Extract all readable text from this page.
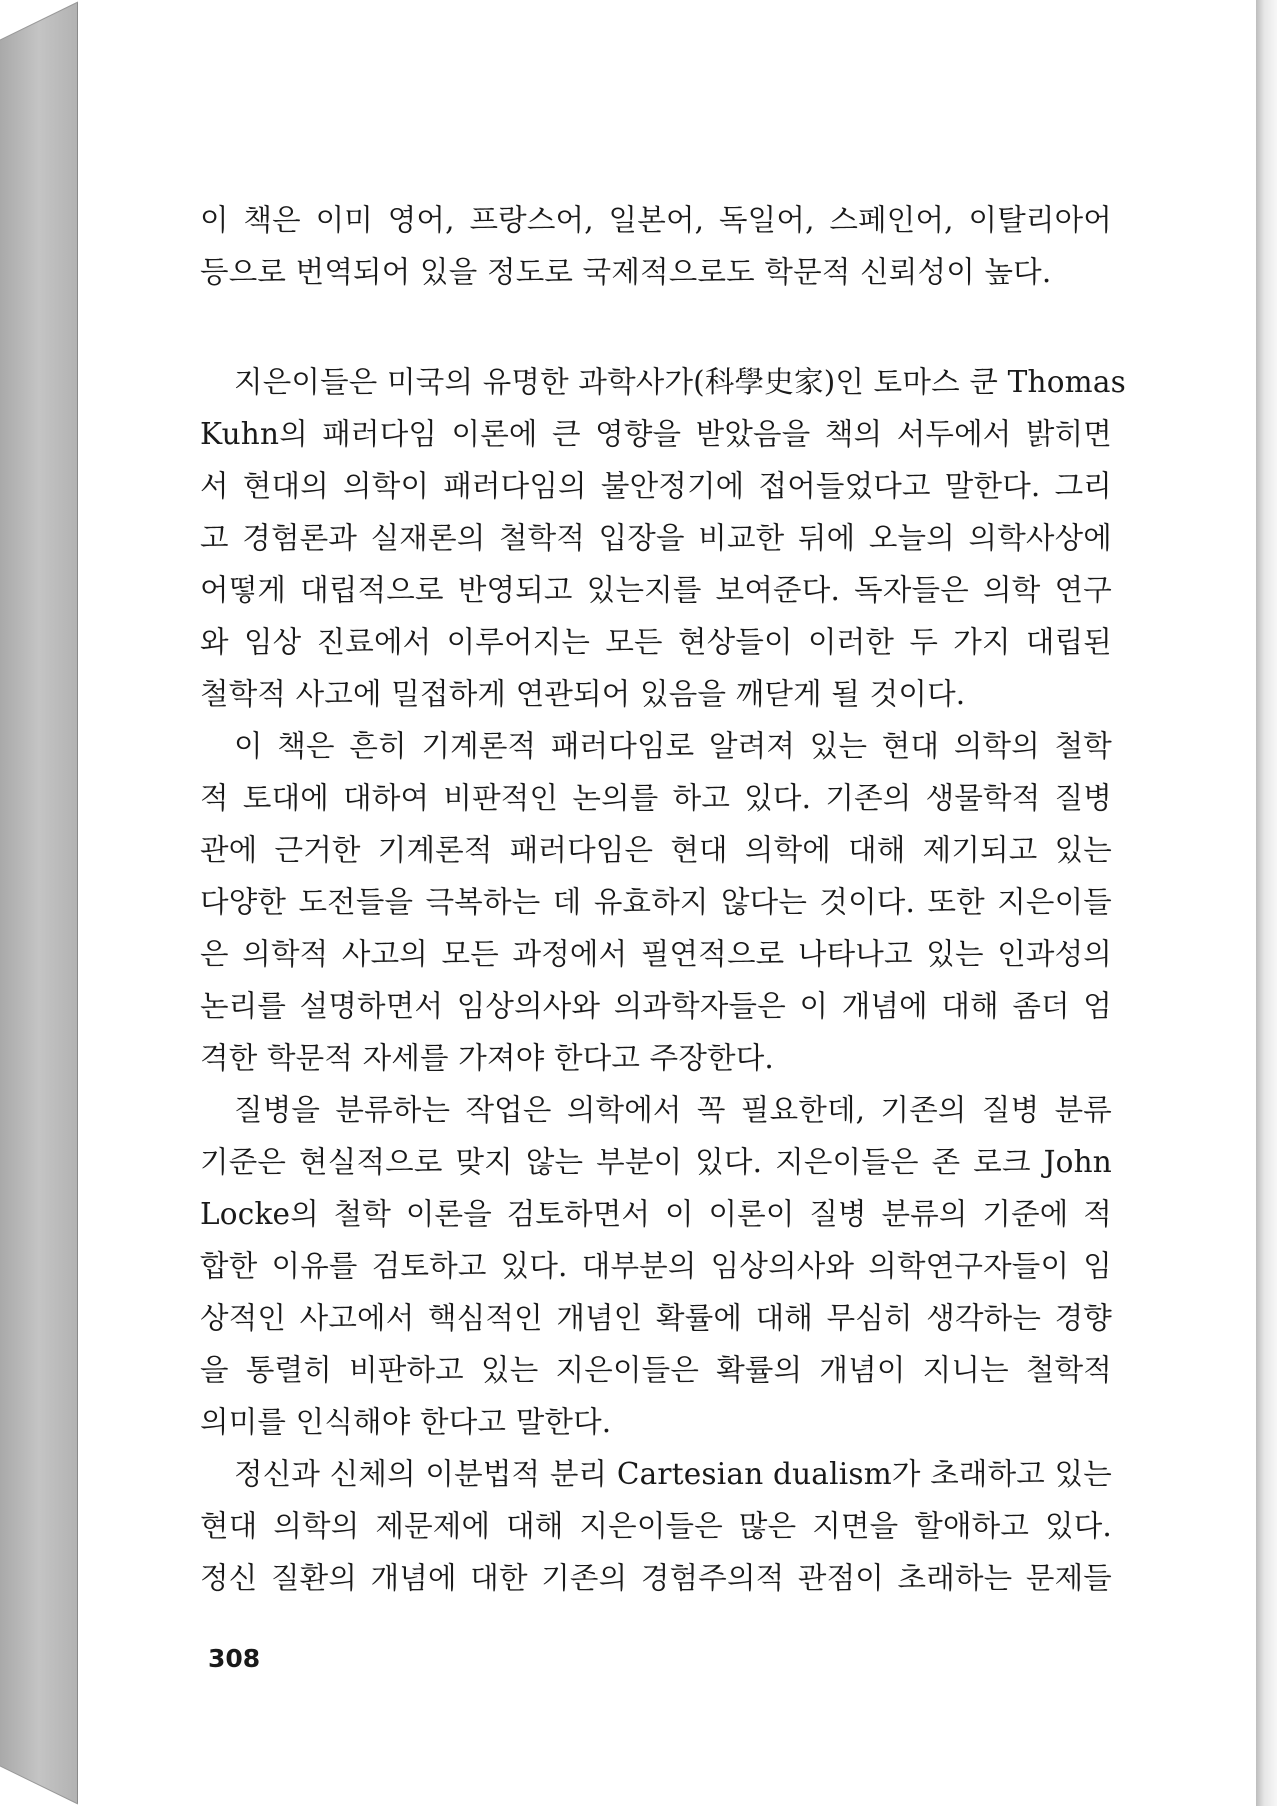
이 책은 이미 영어, 프랑스어, 일본어, 독일어, 스페인어, 이탈리아어
등으로 번역되어 있을 정도로 국제적으로도 학문적 신뢰성이 높다.
지은이들은 미국의 유명한 과학사가(科學史家)인 토마스 쿤 Thomas
Kuhn의 패러다임 이론에 큰 영향을 받았음을 책의 서두에서 밝히면
서 현대의 의학이 패러다임의 불안정기에 접어들었다고 말한다. 그리
고 경험론과 실재론의 철학적 입장을 비교한 뒤에 오늘의 의학사상에
어떻게 대립적으로 반영되고 있는지를 보여준다. 독자들은 의학 연구
와 임상 진료에서 이루어지는 모든 현상들이 이러한 두 가지 대립된
철학적 사고에 밀접하게 연관되어 있음을 깨닫게 될 것이다.
이 책은 흔히 기계론적 패러다임로 알려져 있는 현대 의학의 철학
적 토대에 대하여 비판적인 논의를 하고 있다. 기존의 생물학적 질병
관에 근거한 기계론적 패러다임은 현대 의학에 대해 제기되고 있는
다양한 도전들을 극복하는 데 유효하지 않다는 것이다. 또한 지은이들
은 의학적 사고의 모든 과정에서 필연적으로 나타나고 있는 인과성의
논리를 설명하면서 임상의사와 의과학자들은 이 개념에 대해 좀더 엄
격한 학문적 자세를 가져야 한다고 주장한다.
질병을 분류하는 작업은 의학에서 꼭 필요한데, 기존의 질병 분류
기준은 현실적으로 맞지 않는 부분이 있다. 지은이들은 존 로크 John
Locke의 철학 이론을 검토하면서 이 이론이 질병 분류의 기준에 적
합한 이유를 검토하고 있다. 대부분의 임상의사와 의학연구자들이 임
상적인 사고에서 핵심적인 개념인 확률에 대해 무심히 생각하는 경향
을 통렬히 비판하고 있는 지은이들은 확률의 개념이 지니는 철학적
의미를 인식해야 한다고 말한다.
정신과 신체의 이분법적 분리 Cartesian dualism가 초래하고 있는
현대 의학의 제문제에 대해 지은이들은 많은 지면을 할애하고 있다.
정신 질환의 개념에 대한 기존의 경험주의적 관점이 초래하는 문제들
308
